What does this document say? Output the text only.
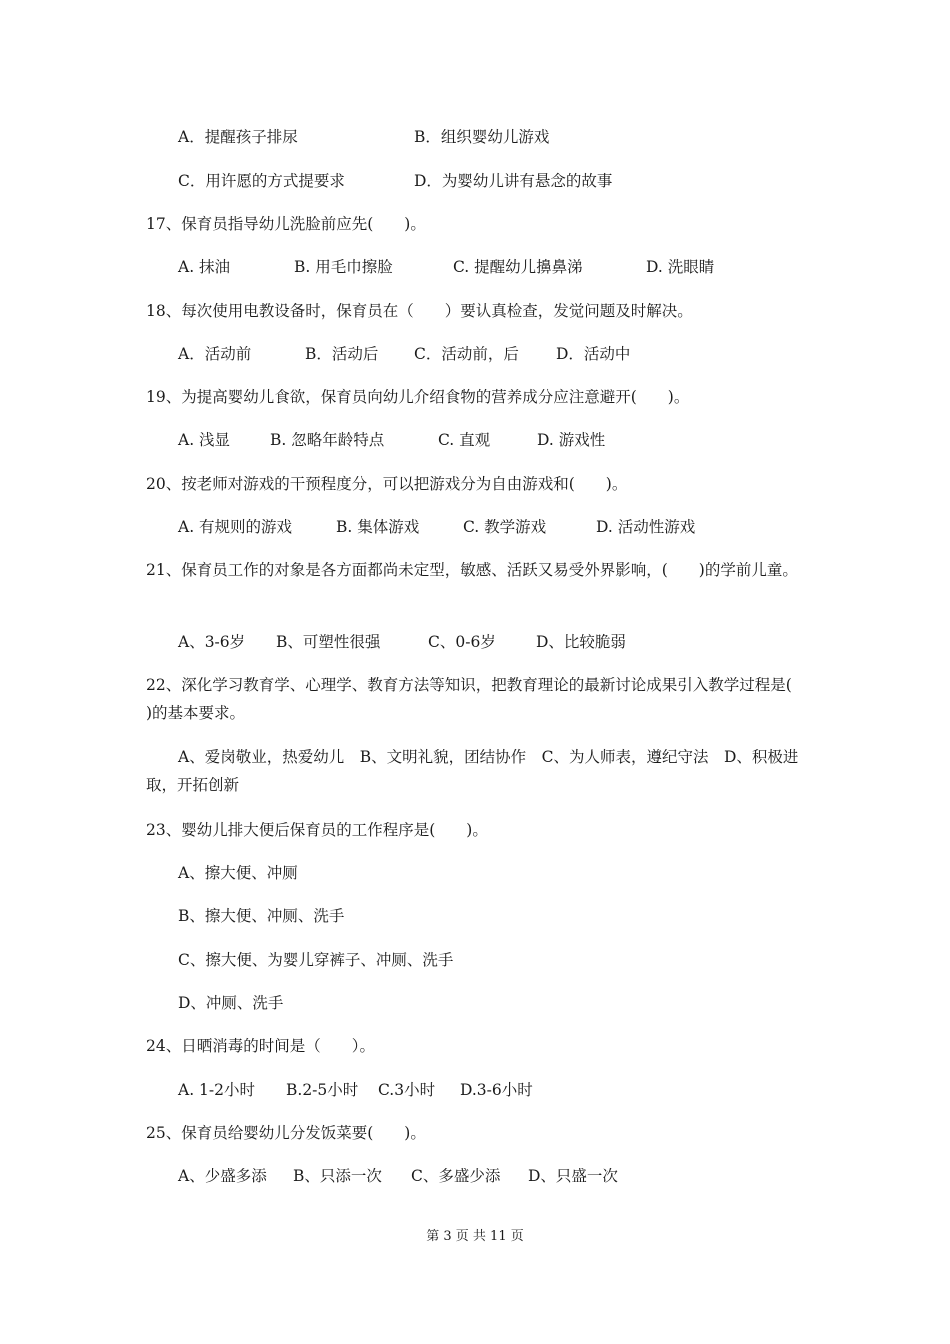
A．提醒孩子排尿	B．组织婴幼儿游戏
C．用许愿的方式提要求	D．为婴幼儿讲有悬念的故事
17、保育员指导幼儿洗脸前应先(　　)。
A. 抹油	B. 用毛巾擦脸	C. 提醒幼儿擤鼻涕	D. 洗眼睛
18、每次使用电教设备时，保育员在（　　）要认真检查，发觉问题及时解决。
A．活动前	B．活动后 C．活动前，后 D．活动中
19、为提高婴幼儿食欲，保育员向幼儿介绍食物的营养成分应注意避开(　　)。
A. 浅显	B. 忽略年龄特点	C. 直观	D. 游戏性
20、按老师对游戏的干预程度分，可以把游戏分为自由游戏和(　　)。
A. 有规则的游戏	B. 集体游戏	C. 教学游戏	D. 活动性游戏
21、保育员工作的对象是各方面都尚未定型，敏感、活跃又易受外界影响，(　　)的学前儿童。
A、3-6岁 B、可塑性很强	C、0-6岁	D、比较脆弱
22、深化学习教育学、心理学、教育方法等知识，把教育理论的最新讨论成果引入教学过程是(　　)的基本要求。
A、爱岗敬业，热爱幼儿　B、文明礼貌，团结协作　C、为人师表，遵纪守法　D、积极进取，开拓创新
23、婴幼儿排大便后保育员的工作程序是(　　)。
A、擦大便、冲厕
B、擦大便、冲厕、洗手
C、擦大便、为婴儿穿裤子、冲厕、洗手
D、冲厕、洗手
24、日晒消毒的时间是（　　）。
A. 1-2小时 B.2-5小时 C.3小时 D.3-6小时
25、保育员给婴幼儿分发饭菜要(　　)。
A、少盛多添 B、只添一次 C、多盛少添 D、只盛一次
第 3 页 共 11 页
